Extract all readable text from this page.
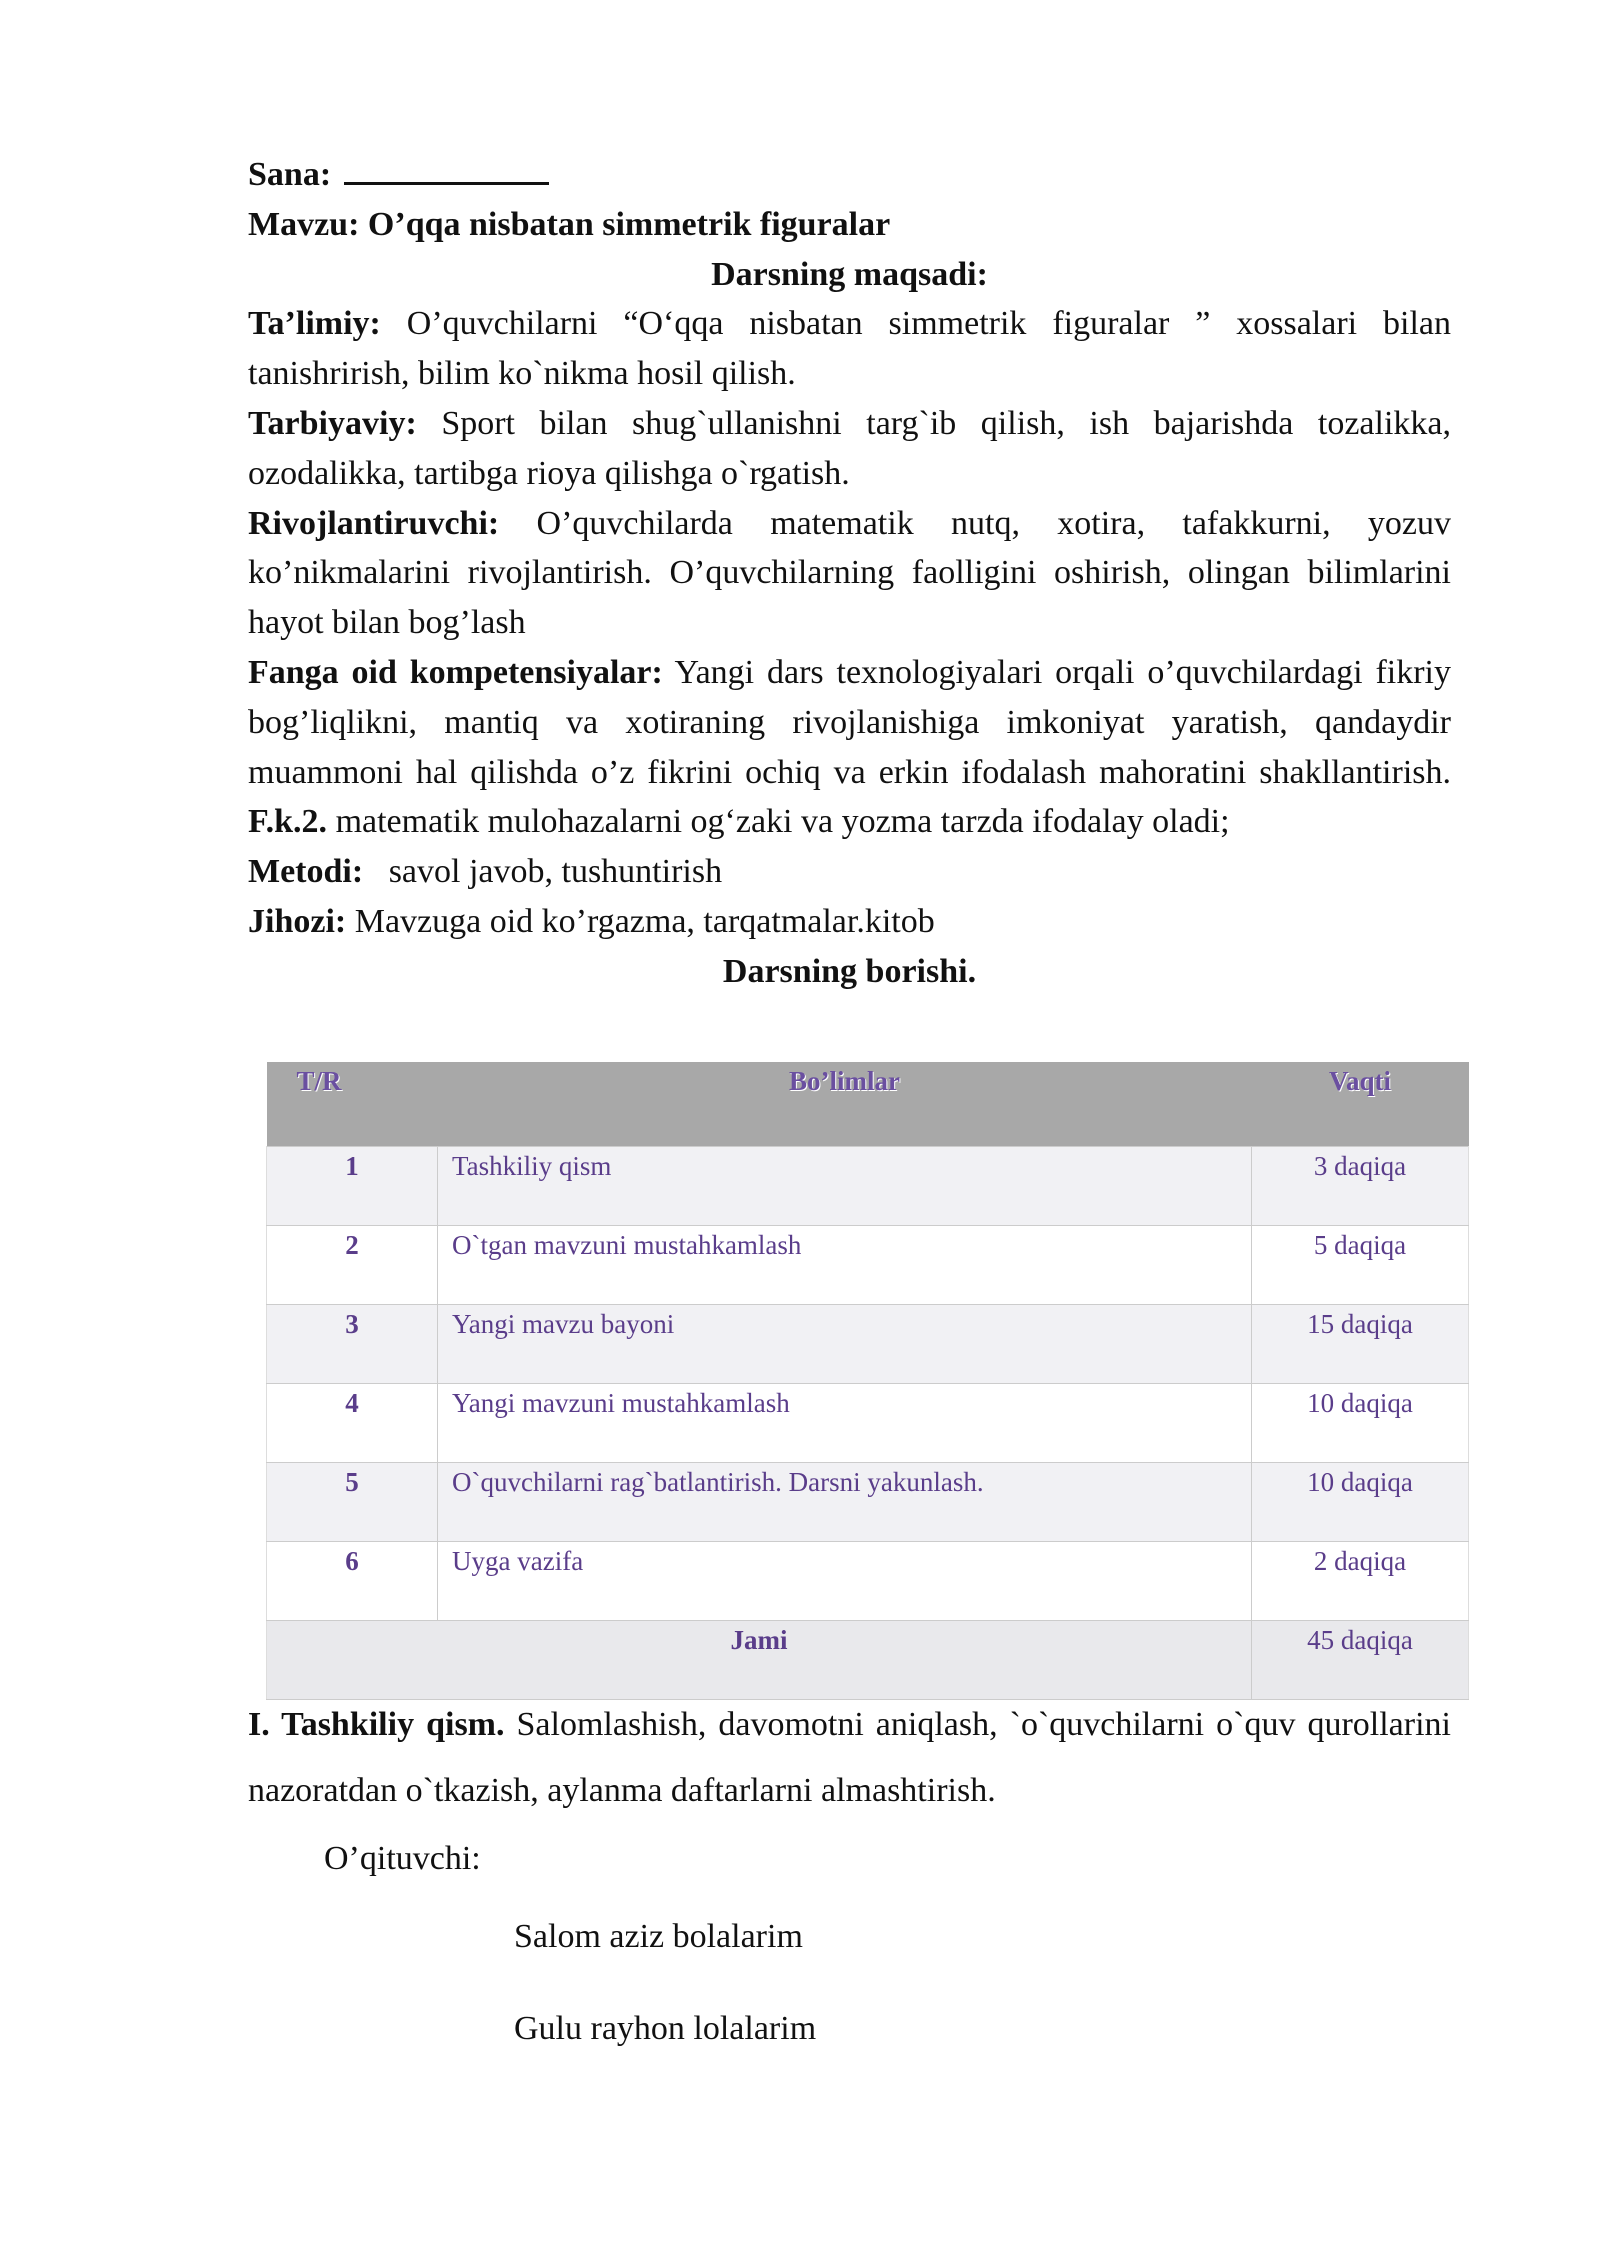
Sana:

Mavzu: O’qqa nisbatan simmetrik figuralar

Darsning maqsadi:

Ta’limiy: O’quvchilarni “O‘qqa nisbatan simmetrik figuralar ” xossalari bilan tanishrirish, bilim ko`nikma hosil qilish.

Tarbiyaviy: Sport bilan shug`ullanishni targ`ib qilish, ish bajarishda tozalikka, ozodalikka, tartibga rioya qilishga o`rgatish.

Rivojlantiruvchi: O’quvchilarda matematik nutq, xotira, tafakkurni, yozuv ko’nikmalarini rivojlantirish. O’quvchilarning faolligini oshirish, olingan bilimlarini hayot bilan bog’lash

Fanga oid kompetensiyalar: Yangi dars texnologiyalari orqali o’quvchilardagi fikriy bog’liqlikni, mantiq va xotiraning rivojlanishiga imkoniyat yaratish, qandaydir muammoni hal qilishda o’z fikrini ochiq va erkin ifodalash mahoratini shakllantirish. F.k.2. matematik mulohazalarni og‘zaki va yozma tarzda ifodalay oladi;

Metodi:   savol javob, tushuntirish

Jihozi: Mavzuga oid ko’rgazma, tarqatmalar.kitob

Darsning borishi.

T/R	Bo’limlar	Vaqti
1	Tashkiliy qism	3 daqiqa
2	O`tgan mavzuni mustahkamlash	5 daqiqa
3	Yangi mavzu bayoni	15 daqiqa
4	Yangi mavzuni mustahkamlash	10 daqiqa
5	O`quvchilarni rag`batlantirish. Darsni yakunlash.	10 daqiqa
6	Uyga vazifa	2 daqiqa
Jami		45 daqiqa

I. Tashkiliy qism. Salomlashish, davomotni aniqlash, `o`quvchilarni o`quv qurollarini nazoratdan o`tkazish, aylanma daftarlarni almashtirish.

O’qituvchi:

Salom aziz bolalarim
Gulu rayhon lolalarim
